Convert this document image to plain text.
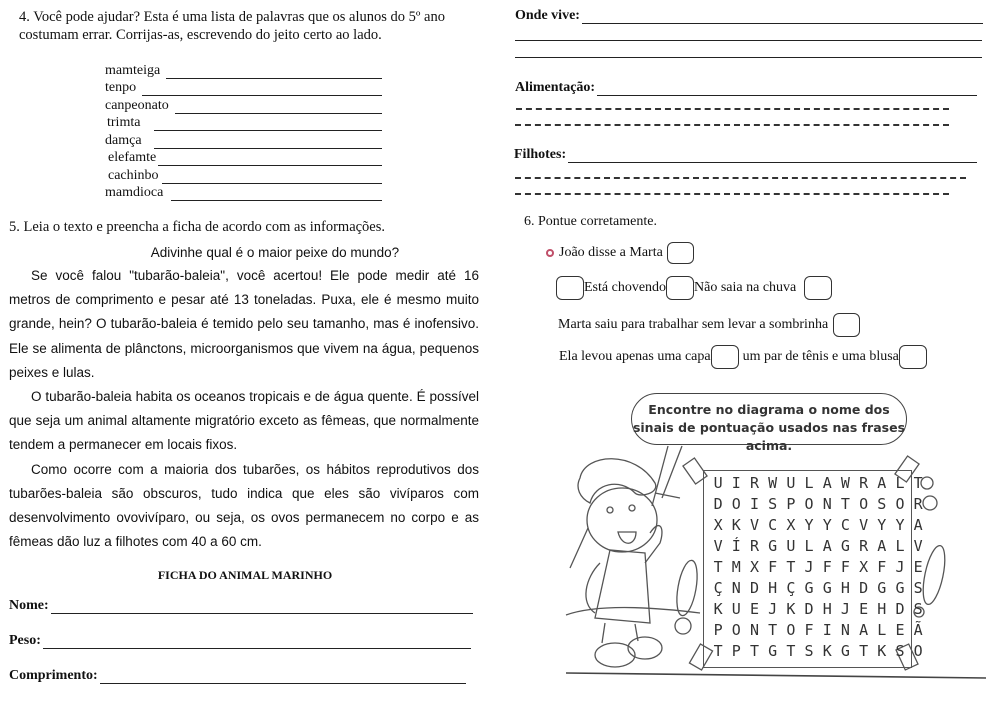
4. Você pode ajudar? Esta é uma lista de palavras que os alunos do 5º ano costumam errar. Corrijas-as, escrevendo do jeito certo ao lado.
mamteiga
tenpo
canpeonato
trimta
damça
elefamte
cachinbo
mamdioca
5. Leia o texto e preencha a ficha de acordo com as informações.
Adivinhe qual é o maior peixe do mundo?

Se você falou "tubarão-baleia", você acertou! Ele pode medir até 16 metros de comprimento e pesar até 13 toneladas. Puxa, ele é mesmo muito grande, hein? O tubarão-baleia é temido pelo seu tamanho, mas é inofensivo. Ele se alimenta de plânctons, microorganismos que vivem na água, pequenos peixes e lulas.

O tubarão-baleia habita os oceanos tropicais e de água quente. É possível que seja um animal altamente migratório exceto as fêmeas, que normalmente tendem a permanecer em locais fixos.

Como ocorre com a maioria dos tubarões, os hábitos reprodutivos dos tubarões-baleia são obscuros, tudo indica que eles são vivíparos com desenvolvimento ovovivíparo, ou seja, os ovos permanecem no corpo e as fêmeas dão luz a filhotes com 40 a 60 cm.

FICHA DO ANIMAL MARINHO
Nome:
Peso:
Comprimento:
Onde vive:
Alimentação:
Filhotes:
6. Pontue corretamente.
João disse a Marta
Está chovendo Não saia na chuva
Marta saiu para trabalhar sem levar a sombrinha
Ela levou apenas uma capa um par de tênis e uma blusa
Encontre no diagrama o nome dos sinais de pontuação usados nas frases acima.
U I R W U L A W R A L T
D O I S P O N T O S O R
X K V C X Y Y C V Y Y A
V Í R G U L A G R A L V
T M X F T J F F X F J E
Ç N D H Ç G G H D G G S
K U E J K D H J E H D S
P O N T O F I N A L E Ã
T P T G T S K G T K S O
